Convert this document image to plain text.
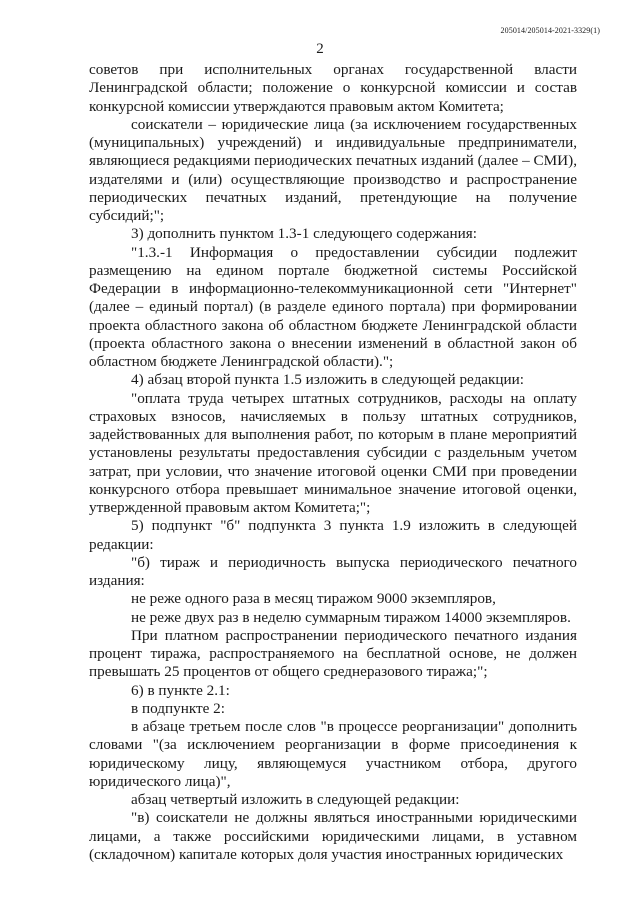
205014/205014-2021-3329(1)
2

советов при исполнительных органах государственной власти Ленинградской области; положение о конкурсной комиссии и состав конкурсной комиссии утверждаются правовым актом Комитета;

соискатели – юридические лица (за исключением государственных (муниципальных) учреждений) и индивидуальные предприниматели, являющиеся редакциями периодических печатных изданий (далее – СМИ), издателями и (или) осуществляющие производство и распространение периодических печатных изданий, претендующие на получение субсидий;";

3) дополнить пунктом 1.3-1 следующего содержания:

"1.3.-1 Информация о предоставлении субсидии подлежит размещению на едином портале бюджетной системы Российской Федерации в информационно-телекоммуникационной сети "Интернет" (далее – единый портал) (в разделе единого портала) при формировании проекта областного закона об областном бюджете Ленинградской области (проекта областного закона о внесении изменений в областной закон об областном бюджете Ленинградской области).";

4) абзац второй пункта 1.5 изложить в следующей редакции:

"оплата труда четырех штатных сотрудников, расходы на оплату страховых взносов, начисляемых в пользу штатных сотрудников, задействованных для выполнения работ, по которым в плане мероприятий установлены результаты предоставления субсидии с раздельным учетом затрат, при условии, что значение итоговой оценки СМИ при проведении конкурсного отбора превышает минимальное значение итоговой оценки, утвержденной правовым актом Комитета;";

5) подпункт "б" подпункта 3 пункта 1.9 изложить в следующей редакции:

"б) тираж и периодичность выпуска периодического печатного издания:

не реже одного раза в месяц тиражом 9000 экземпляров,

не реже двух раз в неделю суммарным тиражом 14000 экземпляров.

При платном распространении периодического печатного издания процент тиража, распространяемого на бесплатной основе, не должен превышать 25 процентов от общего среднеразового тиража;";

6) в пункте 2.1:

в подпункте 2:

в абзаце третьем после слов "в процессе реорганизации" дополнить словами "(за исключением реорганизации в форме присоединения к юридическому лицу, являющемуся участником отбора, другого юридического лица)",

абзац четвертый изложить в следующей редакции:

"в) соискатели не должны являться иностранными юридическими лицами, а также российскими юридическими лицами, в уставном (складочном) капитале которых доля участия иностранных юридических
